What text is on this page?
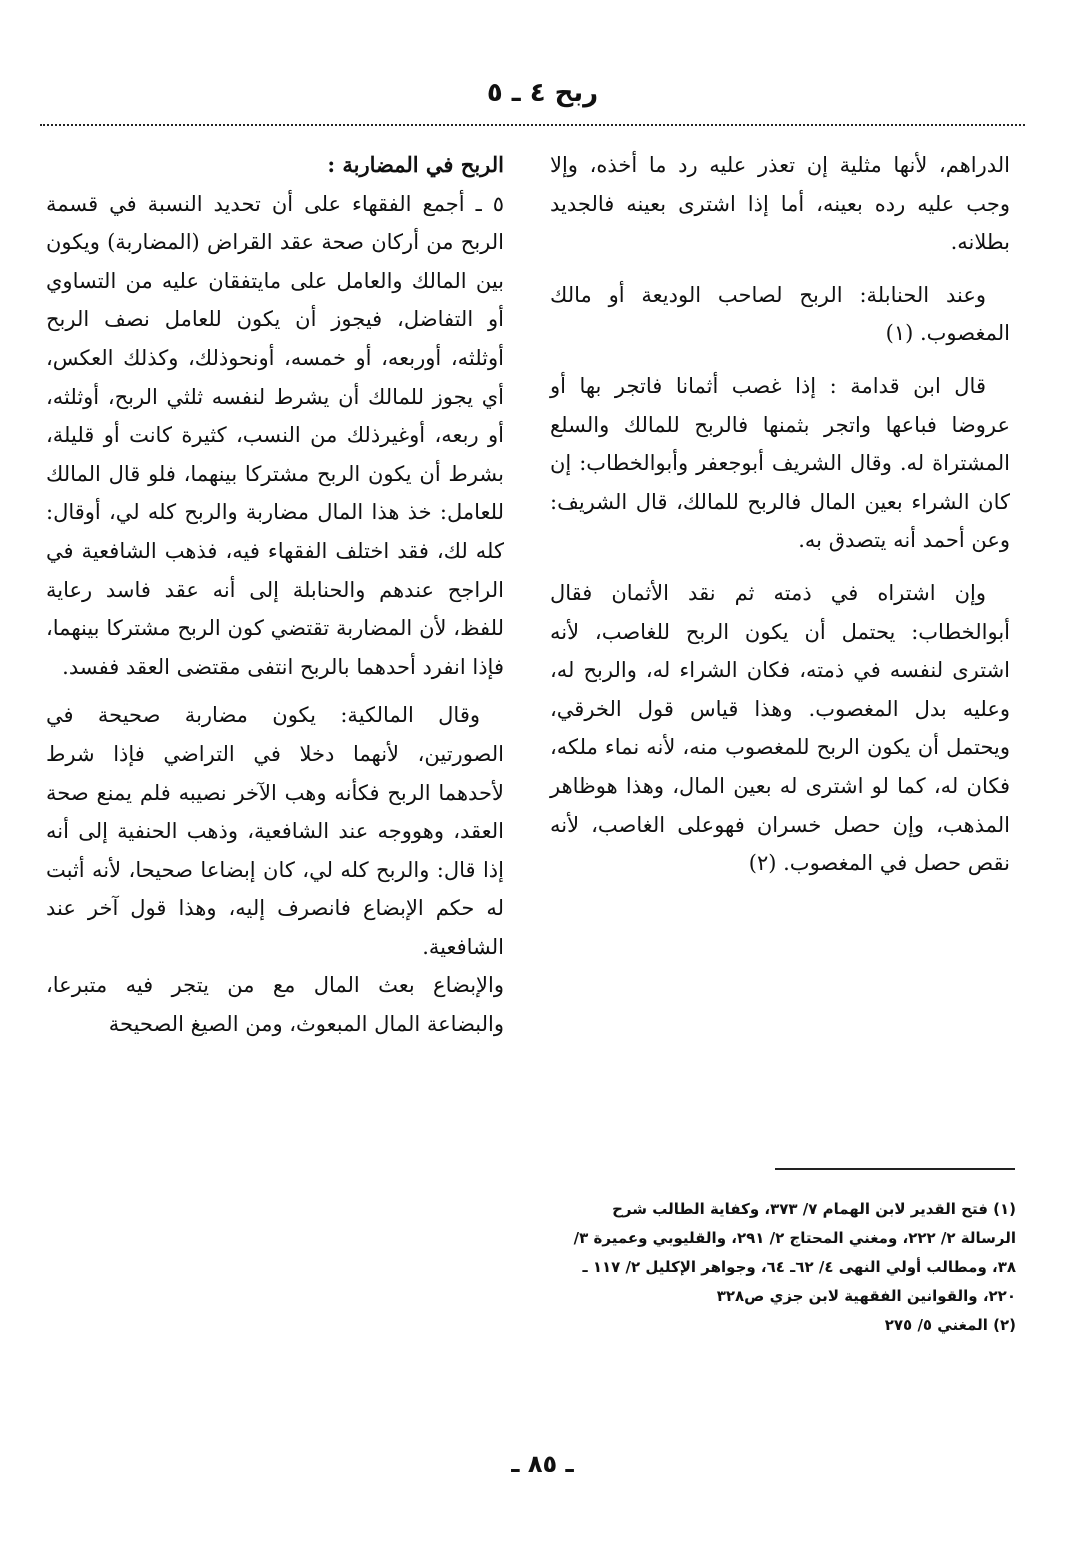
ربح ٤ ـ ٥

الدراهم، لأنها مثلية إن تعذر عليه رد ما أخذه، وإلا وجب عليه رده بعينه، أما إذا اشترى بعينه فالجديد بطلانه.

وعند الحنابلة: الربح لصاحب الوديعة أو مالك المغصوب. (١)

قال ابن قدامة : إذا غصب أثمانا فاتجر بها أو عروضا فباعها واتجر بثمنها فالربح للمالك والسلع المشتراة له. وقال الشريف أبوجعفر وأبوالخطاب: إن كان الشراء بعين المال فالربح للمالك، قال الشريف: وعن أحمد أنه يتصدق به.

وإن اشتراه في ذمته ثم نقد الأثمان فقال أبوالخطاب: يحتمل أن يكون الربح للغاصب، لأنه اشترى لنفسه في ذمته، فكان الشراء له، والربح له، وعليه بدل المغصوب. وهذا قياس قول الخرقي، ويحتمل أن يكون الربح للمغصوب منه، لأنه نماء ملكه، فكان له، كما لو اشترى له بعين المال، وهذا هوظاهر المذهب، وإن حصل خسران فهوعلى الغاصب، لأنه نقص حصل في المغصوب. (٢)

الربح في المضاربة :

٥ ـ أجمع الفقهاء على أن تحديد النسبة في قسمة الربح من أركان صحة عقد القراض (المضاربة) ويكون بين المالك والعامل على مايتفقان عليه من التساوي أو التفاضل، فيجوز أن يكون للعامل نصف الربح أوثلثه، أوربعه، أو خمسه، أونحوذلك، وكذلك العكس، أي يجوز للمالك أن يشرط لنفسه ثلثي الربح، أوثلثه، أو ربعه، أوغيرذلك من النسب، كثيرة كانت أو قليلة، بشرط أن يكون الربح مشتركا بينهما، فلو قال المالك للعامل: خذ هذا المال مضاربة والربح كله لي، أوقال: كله لك، فقد اختلف الفقهاء فيه، فذهب الشافعية في الراجح عندهم والحنابلة إلى أنه عقد فاسد رعاية للفظ، لأن المضاربة تقتضي كون الربح مشتركا بينهما، فإذا انفرد أحدهما بالربح انتفى مقتضى العقد ففسد.

وقال المالكية: يكون مضاربة صحيحة في الصورتين، لأنهما دخلا في التراضي فإذا شرط لأحدهما الربح فكأنه وهب الآخر نصيبه فلم يمنع صحة العقد، وهووجه عند الشافعية، وذهب الحنفية إلى أنه إذا قال: والربح كله لي، كان إبضاعا صحيحا، لأنه أثبت له حكم الإبضاع فانصرف إليه، وهذا قول آخر عند الشافعية.

والإبضاع بعث المال مع من يتجر فيه متبرعا، والبضاعة المال المبعوث، ومن الصيغ الصحيحة

(١) فتح القدير لابن الهمام ٧/ ٣٧٣، وكفاية الطالب شرح الرسالة ٢/ ٢٢٢، ومغني المحتاج ٢/ ٢٩١، والقليوبي وعميرة ٣/ ٣٨، ومطالب أولي النهى ٤/ ٦٢ـ ٦٤، وجواهر الإكليل ٢/ ١١٧ ـ ٢٢٠، والقوانين الفقهية لابن جزي ص٣٢٨
(٢) المغني ٥/ ٢٧٥
ـ ٨٥ ـ
